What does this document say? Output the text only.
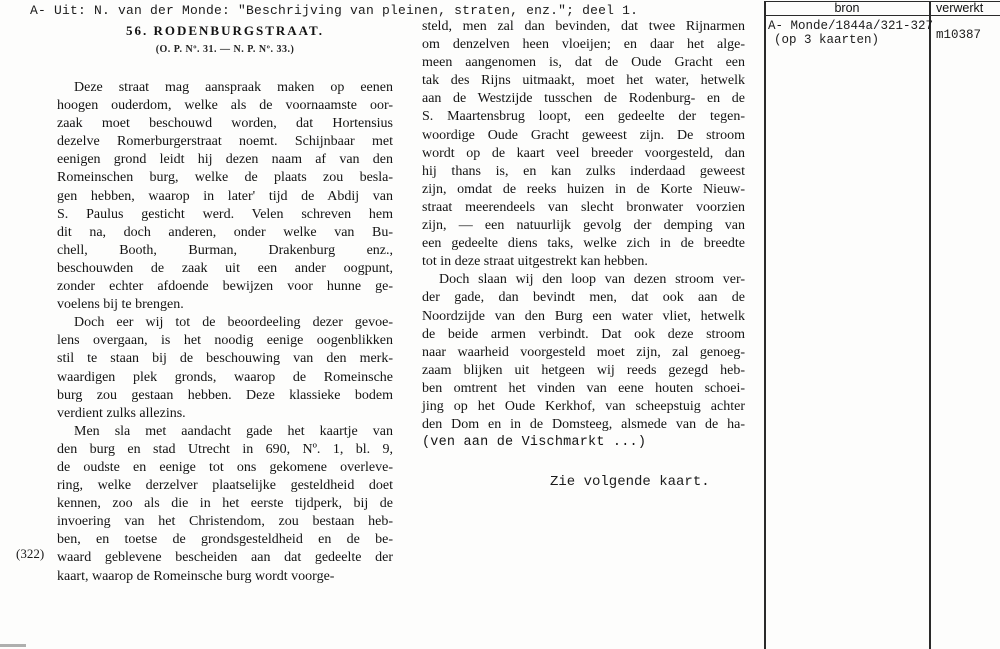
A- Uit: N. van der Monde: "Beschrijving van pleinen, straten, enz."; deel 1.
56. RODENBURGSTRAAT.
(O. P. Nº. 31. — N. P. Nº. 33.)
Deze straat mag aanspraak maken op eenen
hoogen ouderdom, welke als de voornaamste oor-
zaak moet beschouwd worden, dat Hortensius
dezelve Romerburgerstraat noemt. Schijnbaar met
eenigen grond leidt hij dezen naam af van den
Romeinschen burg, welke de plaats zou besla-
gen hebben, waarop in later' tijd de Abdij van
S. Paulus gesticht werd. Velen schreven hem
dit na, doch anderen, onder welke van Bu-
chell, Booth, Burman, Drakenburg enz.,
beschouwden de zaak uit een ander oogpunt,
zonder echter afdoende bewijzen voor hunne ge-
voelens bij te brengen.
Doch eer wij tot de beoordeeling dezer gevoe-
lens overgaan, is het noodig eenige oogenblikken
stil te staan bij de beschouwing van den merk-
waardigen plek gronds, waarop de Romeinsche
burg zou gestaan hebben. Deze klassieke bodem
verdient zulks allezins.
Men sla met aandacht gade het kaartje van
den burg en stad Utrecht in 690, Nº. 1, bl. 9,
de oudste en eenige tot ons gekomene overleve-
ring, welke derzelver plaatselijke gesteldheid doet
kennen, zoo als die in het eerste tijdperk, bij de
invoering van het Christendom, zou bestaan heb-
ben, en toetse de grondsgesteldheid en de be-
waard geblevene bescheiden aan dat gedeelte der
kaart, waarop de Romeinsche burg wordt voorge-
steld, men zal dan bevinden, dat twee Rijnarmen
om denzelven heen vloeijen; en daar het alge-
meen aangenomen is, dat de Oude Gracht een
tak des Rijns uitmaakt, moet het water, hetwelk
aan de Westzijde tusschen de Rodenburg- en de
S. Maartensbrug loopt, een gedeelte der tegen-
woordige Oude Gracht geweest zijn. De stroom
wordt op de kaart veel breeder voorgesteld, dan
hij thans is, en kan zulks inderdaad geweest
zijn, omdat de reeks huizen in de Korte Nieuw-
straat meerendeels van slecht bronwater voorzien
zijn, — een natuurlijk gevolg der demping van
een gedeelte diens taks, welke zich in de breedte
tot in deze straat uitgestrekt kan hebben.
Doch slaan wij den loop van dezen stroom ver-
der gade, dan bevindt men, dat ook aan de
Noordzijde van den Burg een water vliet, hetwelk
de beide armen verbindt. Dat ook deze stroom
naar waarheid voorgesteld moet zijn, zal genoeg-
zaam blijken uit hetgeen wij reeds gezegd heb-
ben omtrent het vinden van eene houten schoei-
jing op het Oude Kerkhof, van scheepstuig achter
den Dom en in de Domsteeg, alsmede van de ha-
(ven aan de Vischmarkt ...)
(322)
Zie volgende kaart.
bron	verwerkt
A- Monde/1844a/321-327
(op 3 kaarten)	m10387
